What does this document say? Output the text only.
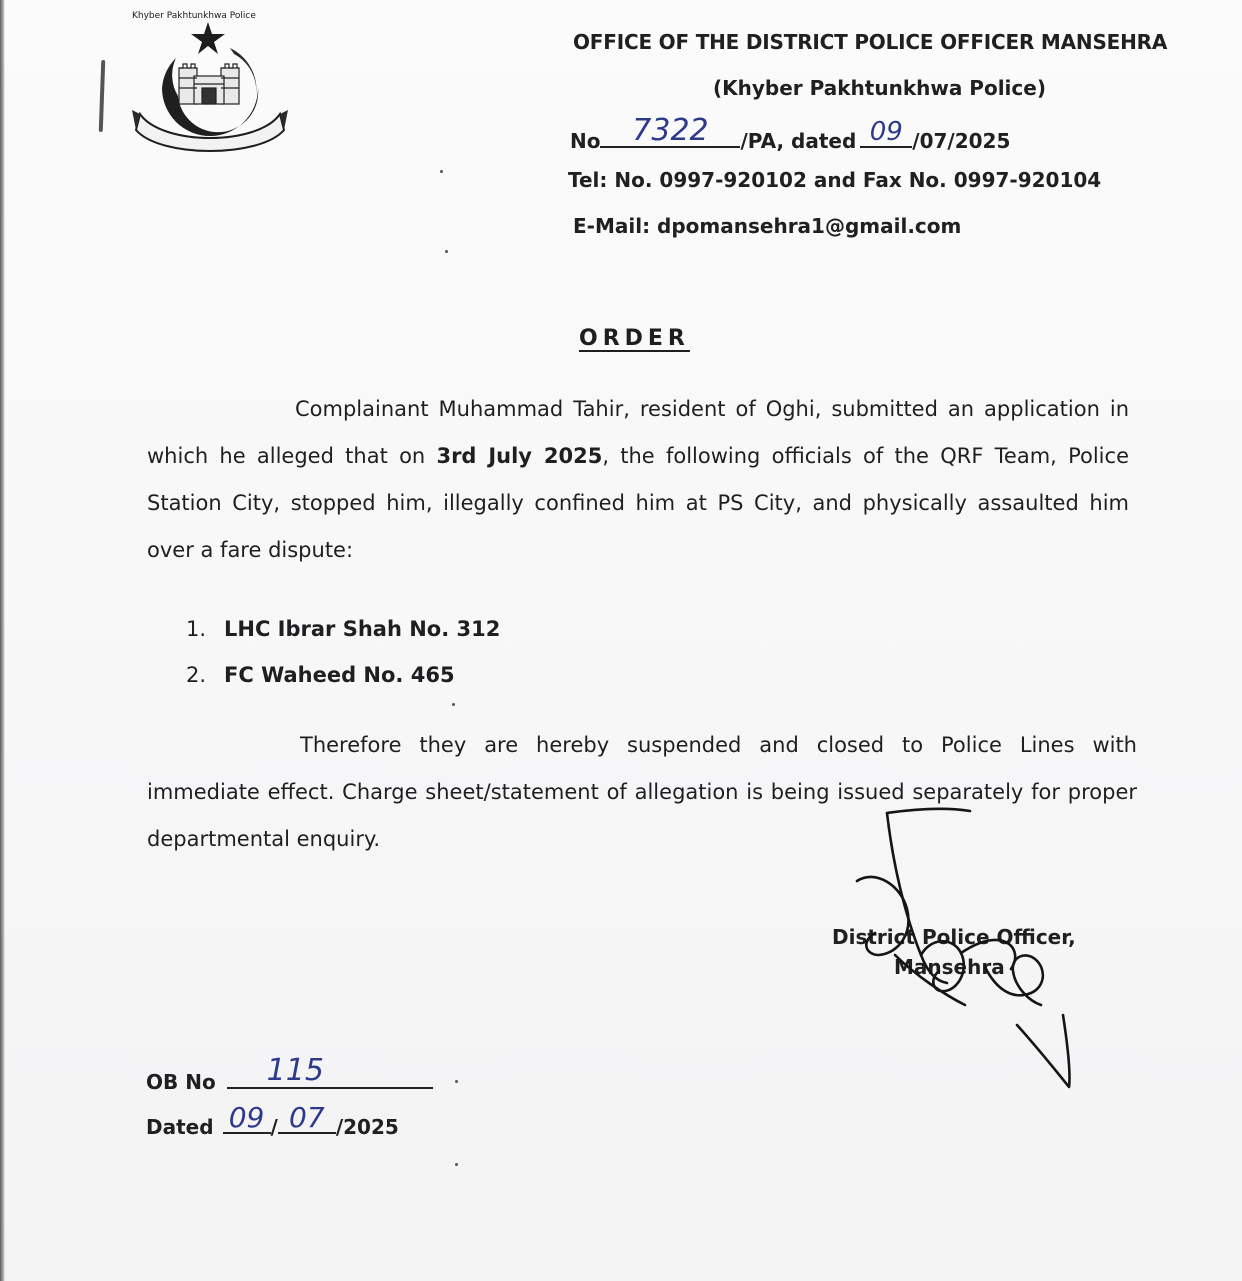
Khyber Pakhtunkhwa Police
OFFICE OF THE DISTRICT POLICE OFFICER MANSEHRA
(Khyber Pakhtunkhwa Police)
No	7322	/PA, dated 09 /07/2025
Tel: No. 0997-920102 and Fax No. 0997-920104
E-Mail: dpomansehra1@gmail.com
ORDER
Complainant Muhammad Tahir, resident of Oghi, submitted an application in which he alleged that on 3rd July 2025, the following officials of the QRF Team, Police Station City, stopped him, illegally confined him at PS City, and physically assaulted him over a fare dispute:
1. LHC Ibrar Shah No. 312
2. FC Waheed No. 465
Therefore they are hereby suspended and closed to Police Lines with immediate effect. Charge sheet/statement of allegation is being issued separately for proper departmental enquiry.
District Police Officer,
Mansehra
OB No 115
Dated 09 / 07 /2025
